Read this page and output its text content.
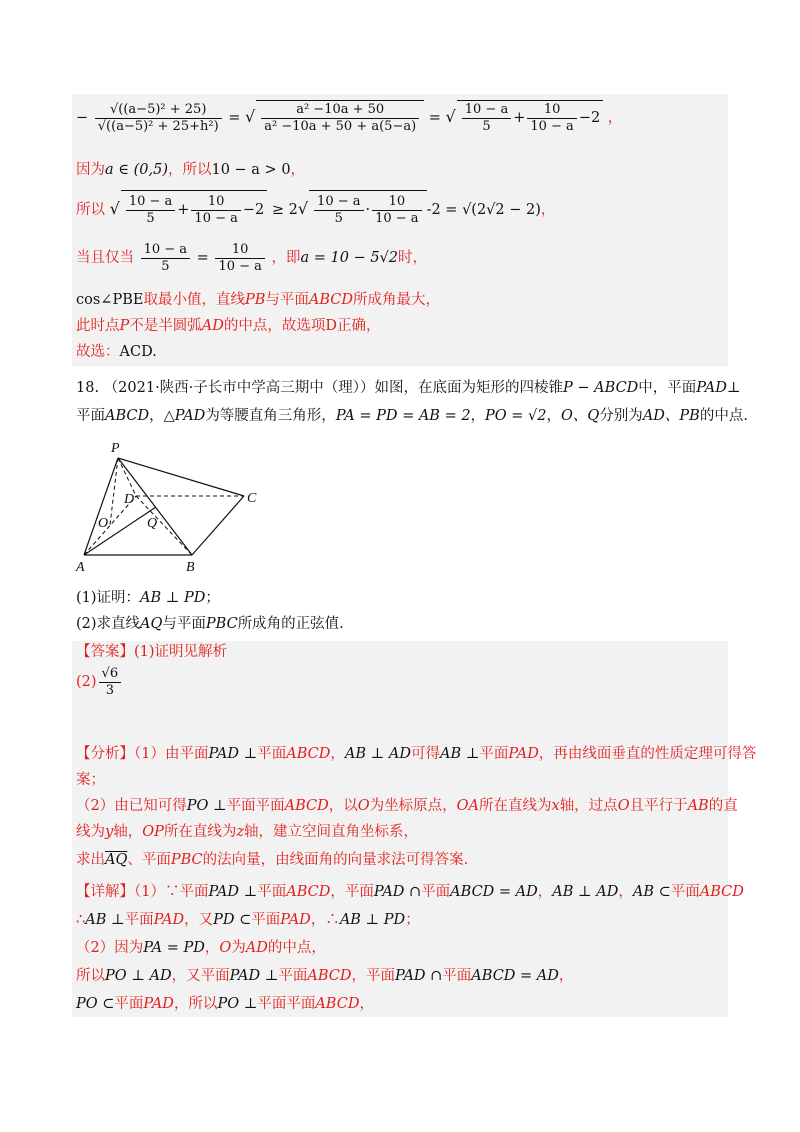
− $\frac{\text{√((a−5)² + 25)}}{\text{√((a−5)² + 25+h²)}}$ = √ $\frac{\text{a² −10a + 50}}{\text{a² −10a + 50 + a(5−a)}}$ = √ $\frac{10 - a}{5} + \frac{10}{10 - a} -2$ ，
因为a ∈ (0,5)，所以10 − a > 0，
所以 √ $\frac{10 - a}{5} + \frac{10}{10 - a} -2 \ge 2√ \frac{10 - a}{5} \cdot \frac{10}{10 - a} -2 = √(2√2 - 2)$，
当且仅当 $\frac{10 - a}{5} = \frac{10}{10 - a}$ ，即a = 10 − 5√2时，
cos∠PBE取最小值，直线PB与平面ABCD所成角最大，
此时点P不是半圆弧AD的中点，故选项D正确，
故选：ACD.
18. （2021·陕西·子长市中学高三期中（理））如图，在底面为矩形的四棱锥P − ABCD中，平面PAD⊥
平面ABCD，△PAD为等腰直角三角形，PA = PD = AB = 2，PO = √2，O、Q分别为AD、PB的中点.
P
D	C
O	Q
A	B
(1)证明：AB ⊥ PD；
(2)求直线AQ与平面PBC所成角的正弦值.
【答案】(1)证明见解析
$(2) \frac{√6}{3}$
【分析】（1）由平面PAD ⊥平面ABCD，AB ⊥ AD可得AB ⊥平面PAD，再由线面垂直的性质定理可得答
案；
（2）由已知可得PO ⊥平面平面ABCD，以O为坐标原点，OA所在直线为x轴，过点O且平行于AB的直
线为y轴，OP所在直线为z轴，建立空间直角坐标系，
求出$\overline{AQ}$、平面PBC的法向量，由线面角的向量求法可得答案.
【详解】（1）∵平面PAD ⊥平面ABCD，平面PAD ∩平面ABCD = AD，AB ⊥ AD，AB ⊂平面ABCD
∴AB ⊥平面PAD，又PD ⊂平面PAD，∴AB ⊥ PD；
（2）因为PA = PD，O为AD的中点，
所以PO ⊥ AD，又平面PAD ⊥平面ABCD，平面PAD ∩平面ABCD = AD，
PO ⊂平面PAD，所以PO ⊥平面平面ABCD，
